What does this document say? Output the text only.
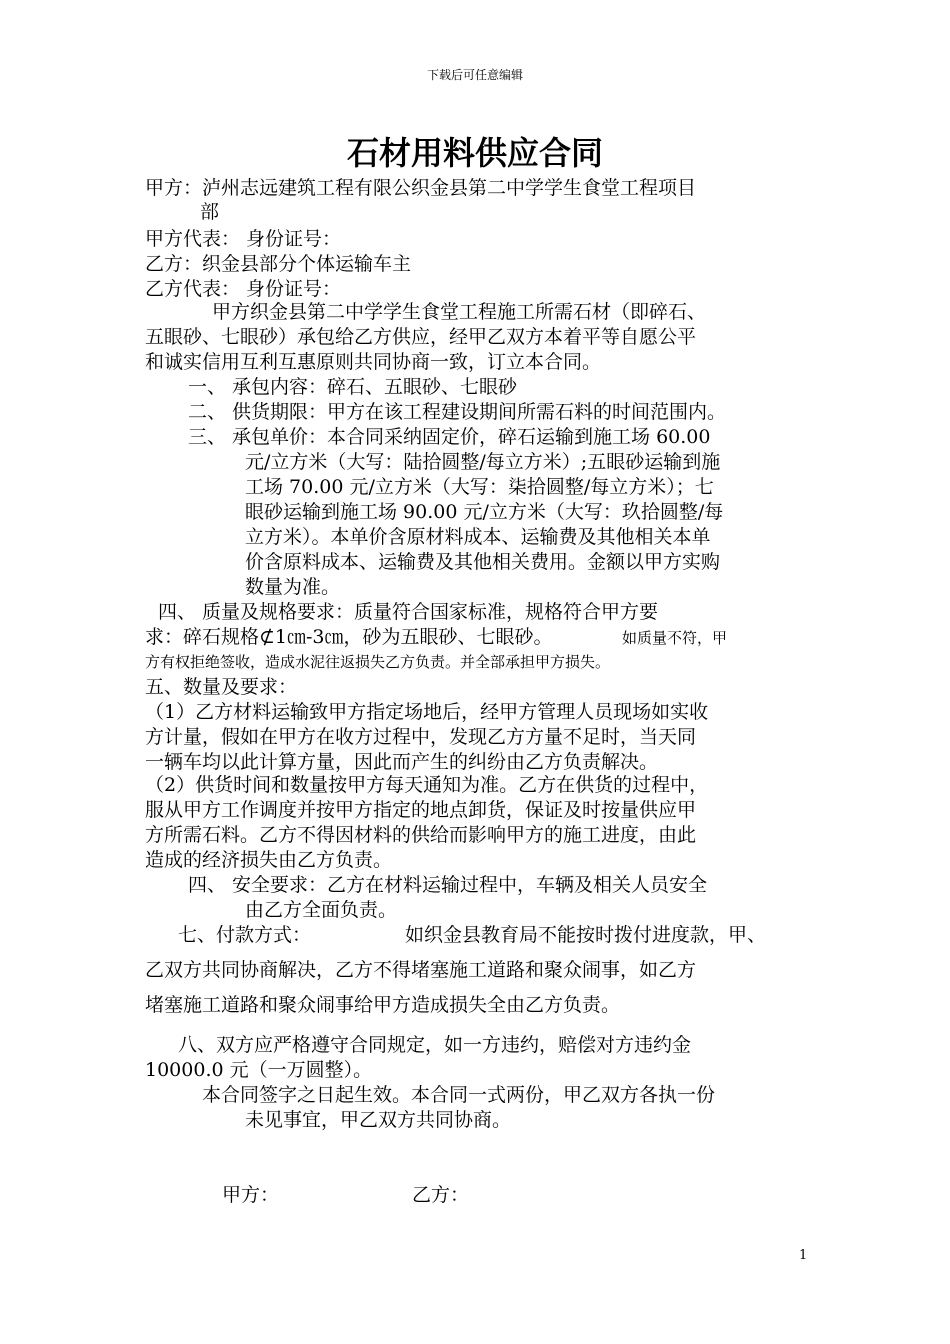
下载后可任意编辑
石材用料供应合同
甲方：泸州志远建筑工程有限公织金县第二中学学生食堂工程项目
部
甲方代表： 身份证号：
乙方：织金县部分个体运输车主
乙方代表： 身份证号：
甲方织金县第二中学学生食堂工程施工所需石材（即碎石、
五眼砂、七眼砂）承包给乙方供应，经甲乙双方本着平等自愿公平
和诚实信用互利互惠原则共同协商一致，订立本合同。
一、 承包内容：碎石、五眼砂、七眼砂
二、 供货期限：甲方在该工程建设期间所需石料的时间范围内。
三、 承包单价：本合同采纳固定价，碎石运输到施工场 60.00
元/立方米（大写：陆拾圆整/每立方米）;五眼砂运输到施
工场 70.00 元/立方米（大写：柒拾圆整/每立方米）；七
眼砂运输到施工场 90.00 元/立方米（大写：玖拾圆整/每
立方米）。本单价含原材料成本、运输费及其他相关本单
价含原料成本、运输费及其他相关费用。金额以甲方实购
数量为准。
四、 质量及规格要求：质量符合国家标准，规格符合甲方要
求：碎石规格⊄1㎝-3㎝，砂为五眼砂、七眼砂。	如质量不符，甲
方有权拒绝签收，造成水泥往返损失乙方负责。并全部承担甲方损失。
五、数量及要求：
（1）乙方材料运输致甲方指定场地后，经甲方管理人员现场如实收
方计量，假如在甲方在收方过程中，发现乙方方量不足时，当天同
一辆车均以此计算方量，因此而产生的纠纷由乙方负责解决。
（2）供货时间和数量按甲方每天通知为准。乙方在供货的过程中，
服从甲方工作调度并按甲方指定的地点卸货，保证及时按量供应甲
方所需石料。乙方不得因材料的供给而影响甲方的施工进度，由此
造成的经济损失由乙方负责。
四、 安全要求：乙方在材料运输过程中，车辆及相关人员安全
由乙方全面负责。
七、付款方式：	如织金县教育局不能按时拨付进度款，甲、
乙双方共同协商解决，乙方不得堵塞施工道路和聚众闹事，如乙方
堵塞施工道路和聚众闹事给甲方造成损失全由乙方负责。
八、双方应严格遵守合同规定，如一方违约，赔偿对方违约金
10000.0 元（一万圆整）。
本合同签字之日起生效。本合同一式两份，甲乙双方各执一份
未见事宜，甲乙双方共同协商。
甲方：	乙方：
1
